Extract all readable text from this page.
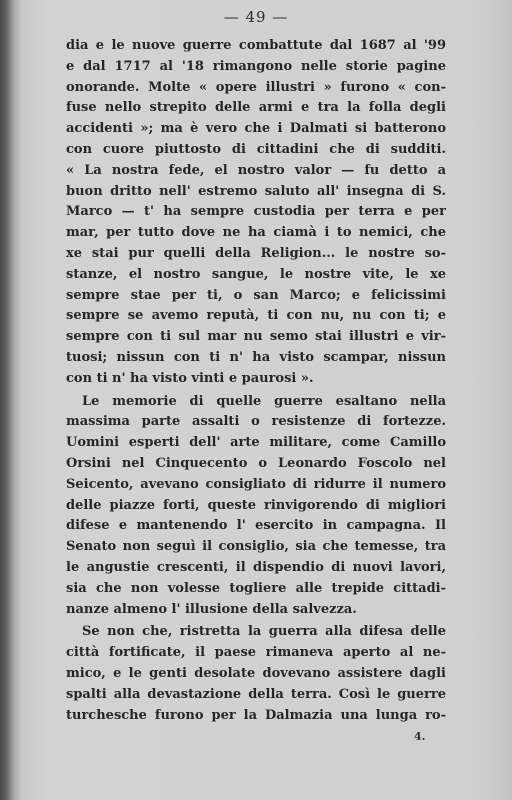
— 49 —
dia e le nuove guerre combattute dal 1687 al '99
e dal 1717 al '18 rimangono nelle storie pagine
onorande. Molte « opere illustri » furono « con-
fuse nello strepito delle armi e tra la folla degli
accidenti »; ma è vero che i Dalmati si batterono
con cuore piuttosto di cittadini che di sudditi.
« La nostra fede, el nostro valor — fu detto a
buon dritto nell' estremo saluto all' insegna di S.
Marco — t' ha sempre custodia per terra e per
mar, per tutto dove ne ha ciamà i to nemici, che
xe stai pur quelli della Religion... le nostre so-
stanze, el nostro sangue, le nostre vite, le xe
sempre stae per ti, o san Marco; e felicissimi
sempre se avemo reputà, ti con nu, nu con ti; e
sempre con ti sul mar nu semo stai illustri e vir-
tuosi; nissun con ti n' ha visto scampar, nissun
con ti n' ha visto vinti e paurosi ».
Le memorie di quelle guerre esaltano nella
massima parte assalti o resistenze di fortezze.
Uomini esperti dell' arte militare, come Camillo
Orsini nel Cinquecento o Leonardo Foscolo nel
Seicento, avevano consigliato di ridurre il numero
delle piazze forti, queste rinvigorendo di migliori
difese e mantenendo l' esercito in campagna. Il
Senato non seguì il consiglio, sia che temesse, tra
le angustie crescenti, il dispendio di nuovi lavori,
sia che non volesse togliere alle trepide cittadi-
nanze almeno l' illusione della salvezza.
Se non che, ristretta la guerra alla difesa delle
città fortificate, il paese rimaneva aperto al ne-
mico, e le genti desolate dovevano assistere dagli
spalti alla devastazione della terra. Così le guerre
turchesche furono per la Dalmazia una lunga ro-
4.
